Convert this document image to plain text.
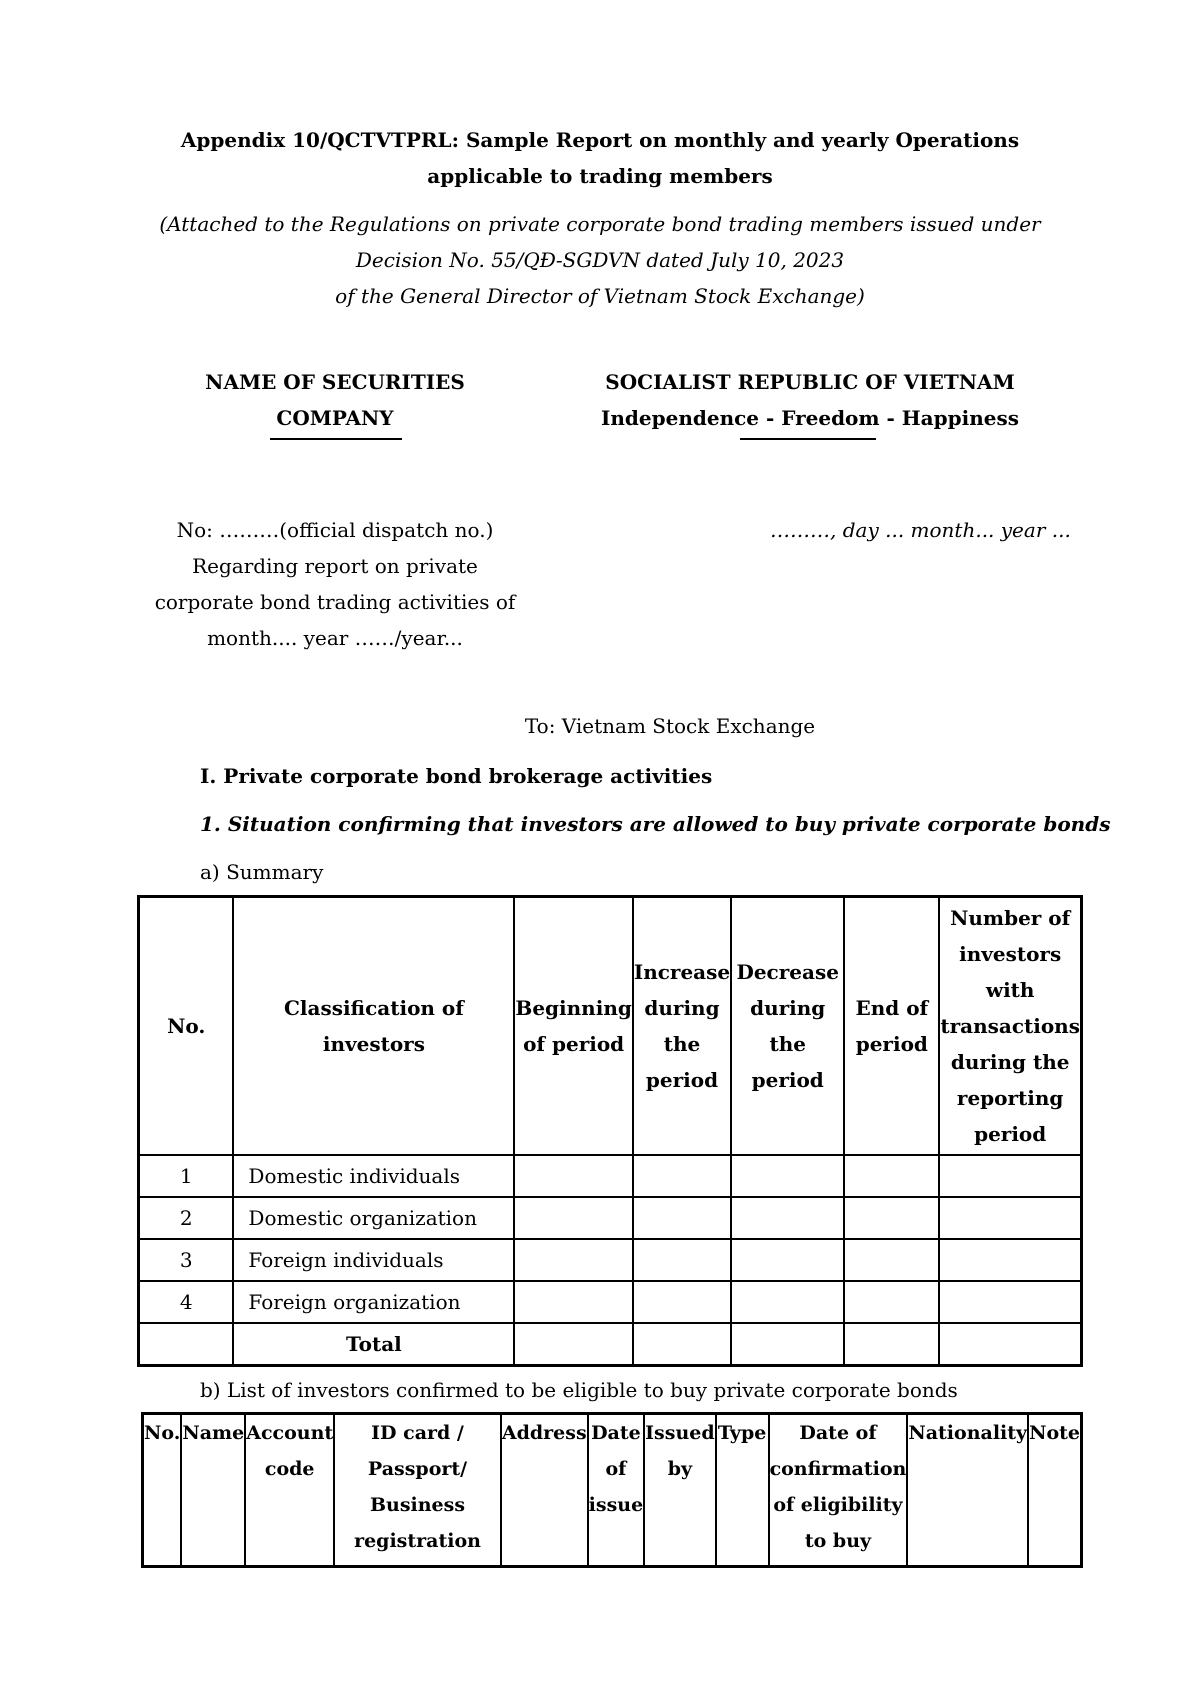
Appendix 10/QCTVTPRL: Sample Report on monthly and yearly Operations
applicable to trading members
(Attached to the Regulations on private corporate bond trading members issued under
Decision No. 55/QĐ-SGDVN dated July 10, 2023
of the General Director of Vietnam Stock Exchange)
NAME OF SECURITIES
COMPANY
SOCIALIST REPUBLIC OF VIETNAM
Independence - Freedom - Happiness
No: ………(official dispatch no.)
Regarding report on private
corporate bond trading activities of
month.... year ……/year...
………, day ... month... year ...
To: Vietnam Stock Exchange
I. Private corporate bond brokerage activities
1. Situation confirming that investors are allowed to buy private corporate bonds
a) Summary
No.	Classification of investors	Beginning of period	Increase during the period	Decrease during the period	End of period	Number of investors with transactions during the reporting period
1	Domestic individuals					
2	Domestic organization					
3	Foreign individuals					
4	Foreign organization					
	Total					
b) List of investors confirmed to be eligible to buy private corporate bonds
No.	Name	Account code	ID card / Passport/ Business registration	Address	Date of issue	Issued by	Type	Date of confirmation of eligibility to buy	Nationality	Note
